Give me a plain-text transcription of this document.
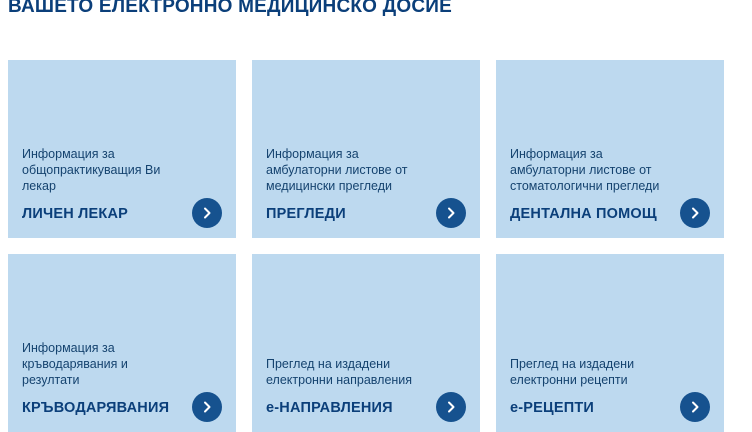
ВАШЕТО ЕЛЕКТРОННО МЕДИЦИНСКО ДОСИЕ
Информация за общопрактикуващия Ви лекар
ЛИЧЕН ЛЕКАР
Информация за амбулаторни листове от медицински прегледи
ПРЕГЛЕДИ
Информация за амбулаторни листове от стоматологични прегледи
ДЕНТАЛНА ПОМОЩ
Информация за кръводарявания и резултати
КРЪВОДАРЯВАНИЯ
Преглед на издадени електронни направления
е-НАПРАВЛЕНИЯ
Преглед на издадени електронни рецепти
е-РЕЦЕПТИ
